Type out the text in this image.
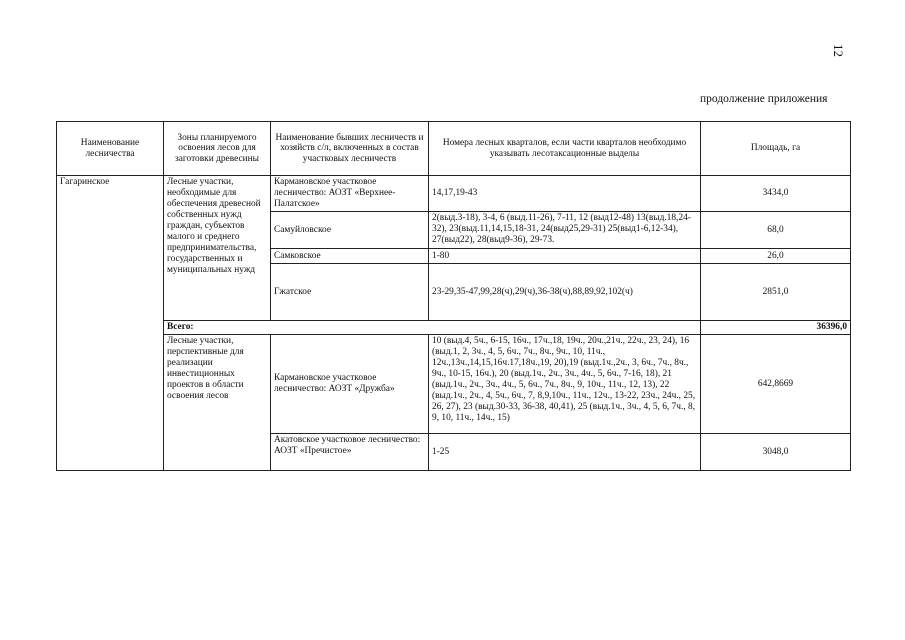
12
продолжение приложения
Наименование лесничества	Зоны планируемого освоения лесов для заготовки древесины	Наименование бывших лесничеств и хозяйств с/л, включенных в состав участковых лесничеств	Номера лесных кварталов, если части кварталов необходимо указывать лесотаксационные выделы	Площадь, га
Гагаринское	Лесные участки, необходимые для обеспечения древесной собственных нужд граждан, субъектов малого и среднего предпринимательства, государственных и муниципальных нужд	Кармановское участковое лесничество: АОЗТ «Верхнее-Палатское»	14,17,19-43	3434,0
		Самуйловское	2(выд.3-18), 3-4, 6 (выд.11-26), 7-11, 12 (выд12-48) 13(выд.18,24-32), 23(выд.11,14,15,18-31, 24(выд25,29-31) 25(выд1-6,12-34), 27(выд22), 28(выд9-36), 29-73.	68,0
		Самковское	1-80	26,0
		Гжатское	23-29,35-47,99,28(ч),29(ч),36-38(ч),88,89,92,102(ч)	2851,0
	Всего:			36396,0
	Лесные участки, перспективные для реализации инвестиционных проектов в области освоения лесов	Кармановское участковое лесничество: АОЗТ «Дружба»	10 (выд.4, 5ч., 6-15, 16ч., 17ч.,18, 19ч., 20ч.,21ч., 22ч., 23, 24), 16 (выд.1, 2, 3ч., 4, 5, 6ч., 7ч., 8ч., 9ч., 10, 11ч., 12ч.,13ч.,14,15,16ч.17,18ч.,19, 20),19 (выд.1ч.,2ч., 3, 6ч., 7ч., 8ч., 9ч., 10-15, 16ч.), 20 (выд.1ч., 2ч., 3ч., 4ч., 5, 6ч., 7-16, 18), 21 (выд.1ч., 2ч., 3ч., 4ч., 5, 6ч., 7ч., 8ч., 9, 10ч., 11ч., 12, 13), 22 (выд.1ч., 2ч., 4, 5ч., 6ч., 7, 8,9,10ч., 11ч., 12ч., 13-22, 23ч., 24ч., 25, 26, 27), 23 (выд.30-33, 36-38, 40,41), 25 (выд.1ч., 3ч., 4, 5, 6, 7ч., 8, 9, 10, 11ч., 14ч., 15)	642,8669
		Акатовское участковое лесничество: АОЗТ «Пречистое»	1-25	3048,0
